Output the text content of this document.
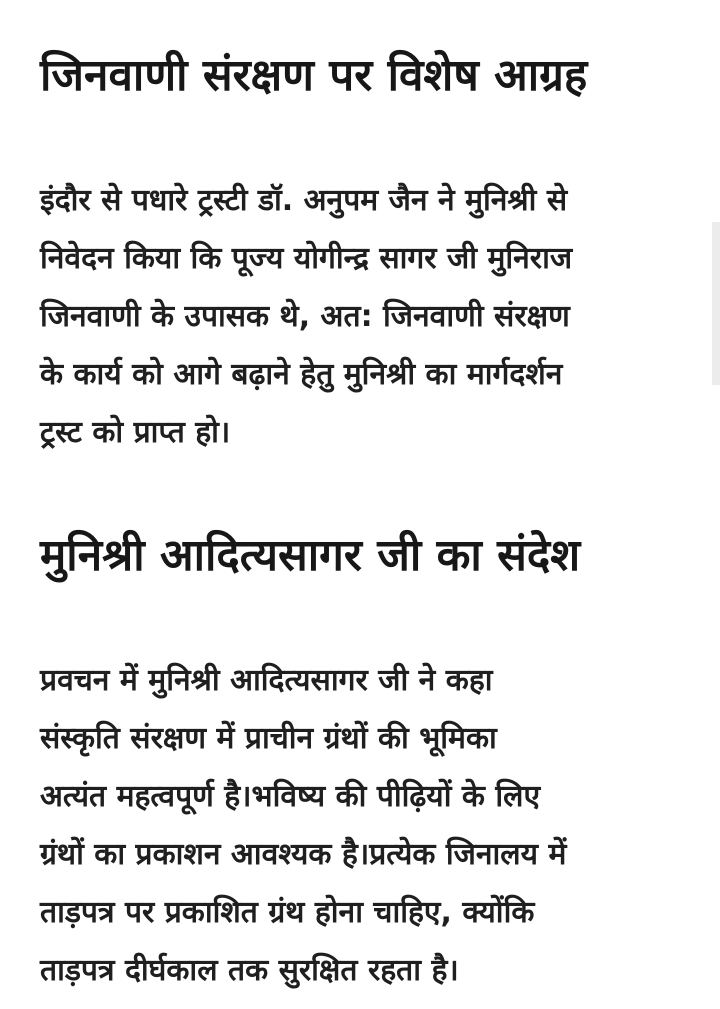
जिनवाणी संरक्षण पर विशेष आग्रह
इंदौर से पधारे ट्रस्टी डॉ. अनुपम जैन ने मुनिश्री से
निवेदन किया कि पूज्य योगीन्द्र सागर जी मुनिराज
जिनवाणी के उपासक थे, अत: जिनवाणी संरक्षण
के कार्य को आगे बढ़ाने हेतु मुनिश्री का मार्गदर्शन
ट्रस्ट को प्राप्त हो।
मुनिश्री आदित्यसागर जी का संदेश
प्रवचन में मुनिश्री आदित्यसागर जी ने कहा
संस्कृति संरक्षण में प्राचीन ग्रंथों की भूमिका
अत्यंत महत्वपूर्ण है।भविष्य की पीढ़ियों के लिए
ग्रंथों का प्रकाशन आवश्यक है।प्रत्येक जिनालय में
ताड़पत्र पर प्रकाशित ग्रंथ होना चाहिए, क्योंकि
ताड़पत्र दीर्घकाल तक सुरक्षित रहता है।
